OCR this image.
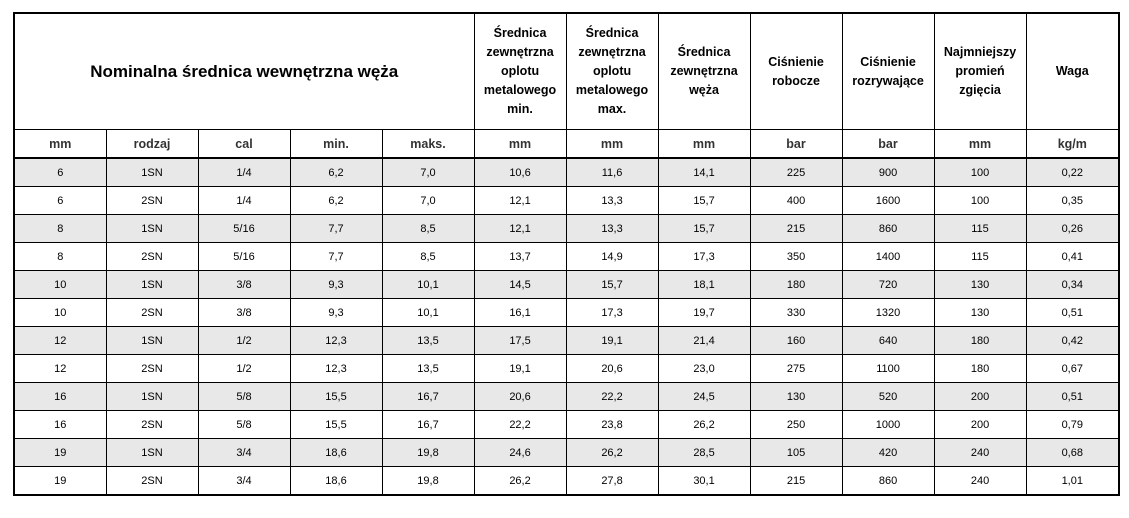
Nominalna średnica wewnętrzna węża					Średnica zewnętrzna oplotu metalowego min.	Średnica zewnętrzna oplotu metalowego max.	Średnica zewnętrzna węża	Ciśnienie robocze	Ciśnienie rozrywające	Najmniejszy promień zgięcia	Waga
mm	rodzaj	cal	min.	maks.	mm	mm	mm	bar	bar	mm	kg/m
6	1SN	1/4	6,2	7,0	10,6	11,6	14,1	225	900	100	0,22
6	2SN	1/4	6,2	7,0	12,1	13,3	15,7	400	1600	100	0,35
8	1SN	5/16	7,7	8,5	12,1	13,3	15,7	215	860	115	0,26
8	2SN	5/16	7,7	8,5	13,7	14,9	17,3	350	1400	115	0,41
10	1SN	3/8	9,3	10,1	14,5	15,7	18,1	180	720	130	0,34
10	2SN	3/8	9,3	10,1	16,1	17,3	19,7	330	1320	130	0,51
12	1SN	1/2	12,3	13,5	17,5	19,1	21,4	160	640	180	0,42
12	2SN	1/2	12,3	13,5	19,1	20,6	23,0	275	1100	180	0,67
16	1SN	5/8	15,5	16,7	20,6	22,2	24,5	130	520	200	0,51
16	2SN	5/8	15,5	16,7	22,2	23,8	26,2	250	1000	200	0,79
19	1SN	3/4	18,6	19,8	24,6	26,2	28,5	105	420	240	0,68
19	2SN	3/4	18,6	19,8	26,2	27,8	30,1	215	860	240	1,01
